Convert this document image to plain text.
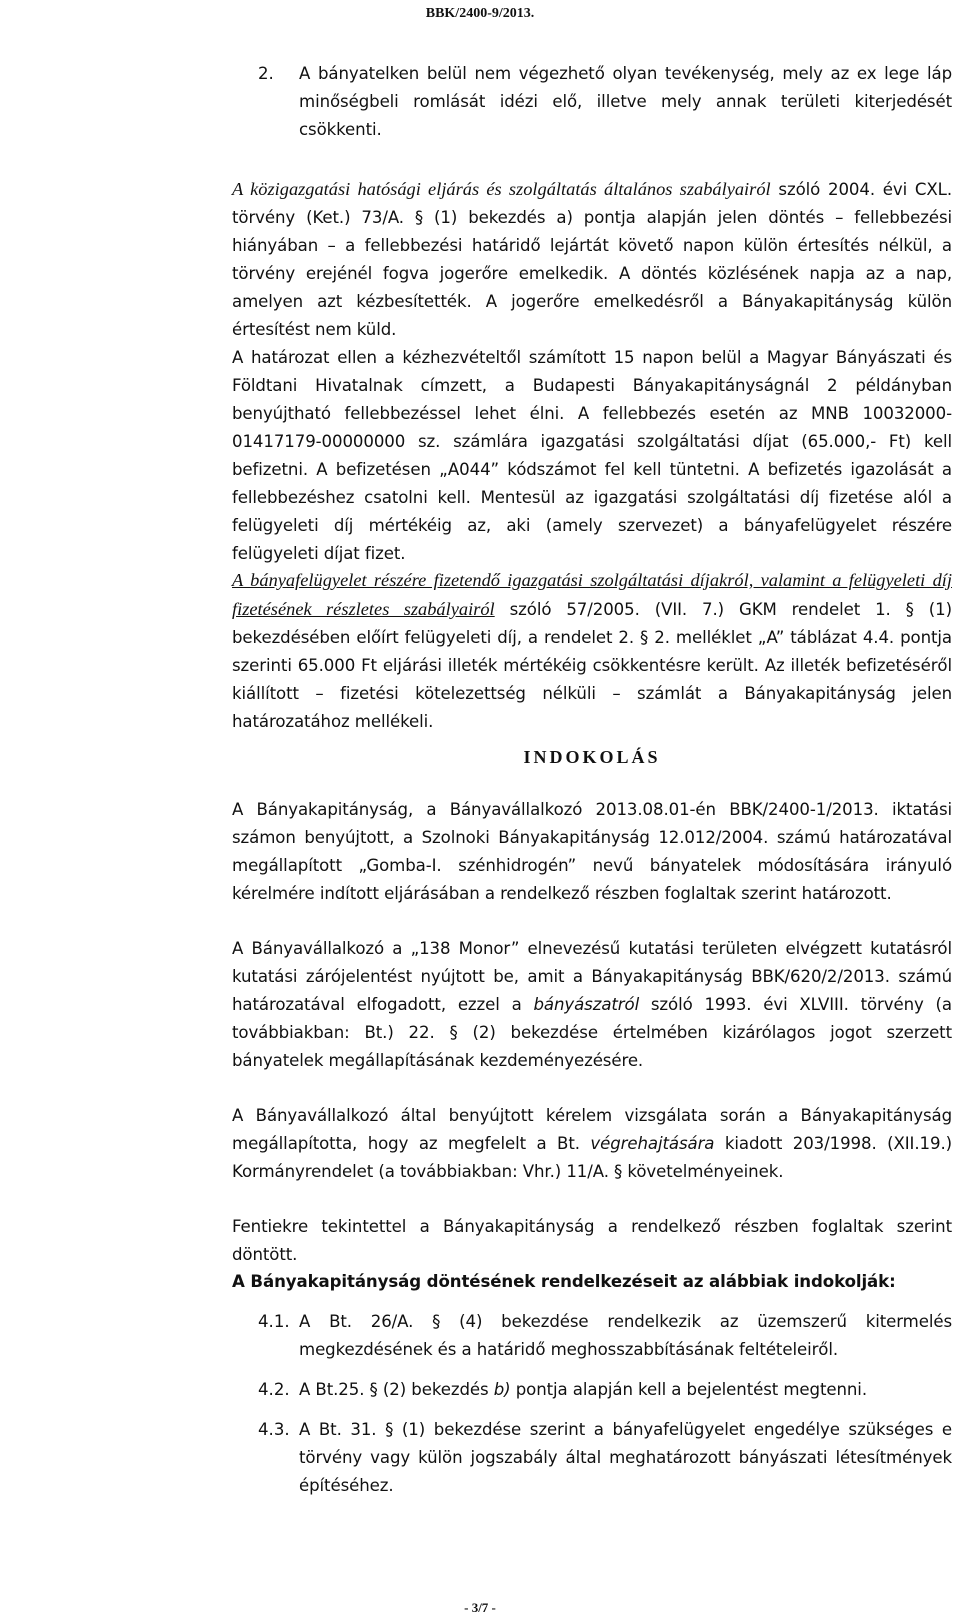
BBK/2400-9/2013.
2.	A bányatelken belül nem végezhető olyan tevékenység, mely az ex lege láp minőségbeli romlását idézi elő, illetve mely annak területi kiterjedését csökkenti.

A közigazgatási hatósági eljárás és szolgáltatás általános szabályairól szóló 2004. évi CXL. törvény (Ket.) 73/A. § (1) bekezdés a) pontja alapján jelen döntés – fellebbezési hiányában – a fellebbezési határidő lejártát követő napon külön értesítés nélkül, a törvény erejénél fogva jogerőre emelkedik. A döntés közlésének napja az a nap, amelyen azt kézbesítették. A jogerőre emelkedésről a Bányakapitányság külön értesítést nem küld.

A határozat ellen a kézhezvételtől számított 15 napon belül a Magyar Bányászati és Földtani Hivatalnak címzett, a Budapesti Bányakapitányságnál 2 példányban benyújtható fellebbezéssel lehet élni. A fellebbezés esetén az MNB 10032000-01417179-00000000 sz. számlára igazgatási szolgáltatási díjat (65.000,- Ft) kell befizetni. A befizetésen „A044” kódszámot fel kell tüntetni. A befizetés igazolását a fellebbezéshez csatolni kell. Mentesül az igazgatási szolgáltatási díj fizetése alól a felügyeleti díj mértékéig az, aki (amely szervezet) a bányafelügyelet részére felügyeleti díjat fizet.

A bányafelügyelet részére fizetendő igazgatási szolgáltatási díjakról, valamint a felügyeleti díj fizetésének részletes szabályairól szóló 57/2005. (VII. 7.) GKM rendelet 1. § (1) bekezdésében előírt felügyeleti díj, a rendelet 2. § 2. melléklet „A” táblázat 4.4. pontja szerinti 65.000 Ft eljárási illeték mértékéig csökkentésre került. Az illeték befizetéséről kiállított – fizetési kötelezettség nélküli – számlát a Bányakapitányság jelen határozatához mellékeli.

INDOKOLÁS

A Bányakapitányság, a Bányavállalkozó 2013.08.01-én BBK/2400-1/2013. iktatási számon benyújtott, a Szolnoki Bányakapitányság 12.012/2004. számú határozatával megállapított „Gomba-I. szénhidrogén” nevű bányatelek módosítására irányuló kérelmére indított eljárásában a rendelkező részben foglaltak szerint határozott.

A Bányavállalkozó a „138 Monor” elnevezésű kutatási területen elvégzett kutatásról kutatási zárójelentést nyújtott be, amit a Bányakapitányság BBK/620/2/2013. számú határozatával elfogadott, ezzel a bányászatról szóló 1993. évi XLVIII. törvény (a továbbiakban: Bt.) 22. § (2) bekezdése értelmében kizárólagos jogot szerzett bányatelek megállapításának kezdeményezésére.

A Bányavállalkozó által benyújtott kérelem vizsgálata során a Bányakapitányság megállapította, hogy az megfelelt a Bt. végrehajtására kiadott 203/1998. (XII.19.) Kormányrendelet (a továbbiakban: Vhr.) 11/A. § követelményeinek.

Fentiekre tekintettel a Bányakapitányság a rendelkező részben foglaltak szerint döntött.

A Bányakapitányság döntésének rendelkezéseit az alábbiak indokolják:

4.1. A Bt. 26/A. § (4) bekezdése rendelkezik az üzemszerű kitermelés megkezdésének és a határidő meghosszabbításának feltételeiről.

4.2. A Bt.25. § (2) bekezdés b) pontja alapján kell a bejelentést megtenni.

4.3. A Bt. 31. § (1) bekezdése szerint a bányafelügyelet engedélye szükséges e törvény vagy külön jogszabály által meghatározott bányászati létesítmények építéséhez.

- 3/7 -
